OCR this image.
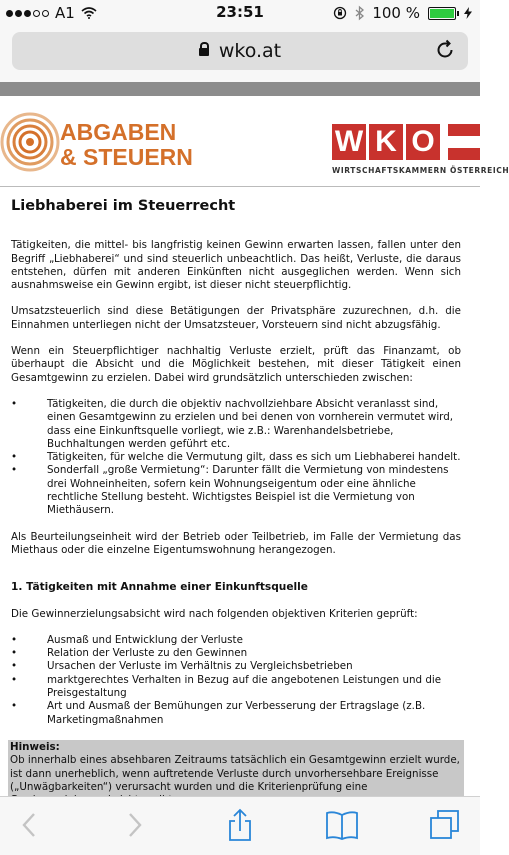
A1	23:51	100 %
wko.at
ABGABEN
& STEUERN	W K O
WIRTSCHAFTSKAMMERN ÖSTERREICH
Liebhaberei im Steuerrecht

Tätigkeiten, die mittel- bis langfristig keinen Gewinn erwarten lassen, fallen unter den Begriff „Liebhaberei“ und sind steuerlich unbeachtlich. Das heißt, Verluste, die daraus entstehen, dürfen mit anderen Einkünften nicht ausgeglichen werden. Wenn sich ausnahmsweise ein Gewinn ergibt, ist dieser nicht steuerpflichtig.

Umsatzsteuerlich sind diese Betätigungen der Privatsphäre zuzurechnen, d.h. die Einnahmen unterliegen nicht der Umsatzsteuer, Vorsteuern sind nicht abzugsfähig.

Wenn ein Steuerpflichtiger nachhaltig Verluste erzielt, prüft das Finanzamt, ob überhaupt die Absicht und die Möglichkeit bestehen, mit dieser Tätigkeit einen Gesamtgewinn zu erzielen. Dabei wird grundsätzlich unterschieden zwischen:

• Tätigkeiten, die durch die objektiv nachvollziehbare Absicht veranlasst sind, einen Gesamtgewinn zu erzielen und bei denen von vornherein vermutet wird, dass eine Einkunftsquelle vorliegt, wie z.B.: Warenhandelsbetriebe, Buchhaltungen werden geführt etc.
• Tätigkeiten, für welche die Vermutung gilt, dass es sich um Liebhaberei handelt.
• Sonderfall „große Vermietung“: Darunter fällt die Vermietung von mindestens drei Wohneinheiten, sofern kein Wohnungseigentum oder eine ähnliche rechtliche Stellung besteht. Wichtigstes Beispiel ist die Vermietung von Miethäusern.

Als Beurteilungseinheit wird der Betrieb oder Teilbetrieb, im Falle der Vermietung das Miethaus oder die einzelne Eigentumswohnung herangezogen.

1. Tätigkeiten mit Annahme einer Einkunftsquelle

Die Gewinnerzielungsabsicht wird nach folgenden objektiven Kriterien geprüft:

• Ausmaß und Entwicklung der Verluste
• Relation der Verluste zu den Gewinnen
• Ursachen der Verluste im Verhältnis zu Vergleichsbetrieben
• marktgerechtes Verhalten in Bezug auf die angebotenen Leistungen und die Preisgestaltung
• Art und Ausmaß der Bemühungen zur Verbesserung der Ertragslage (z.B. Marketingmaßnahmen
Hinweis:
Ob innerhalb eines absehbaren Zeitraums tatsächlich ein Gesamtgewinn erzielt wurde, ist dann unerheblich, wenn auftretende Verluste durch unvorhersehbare Ereignisse („Unwägbarkeiten“) verursacht wurden und die Kriterienprüfung eine
